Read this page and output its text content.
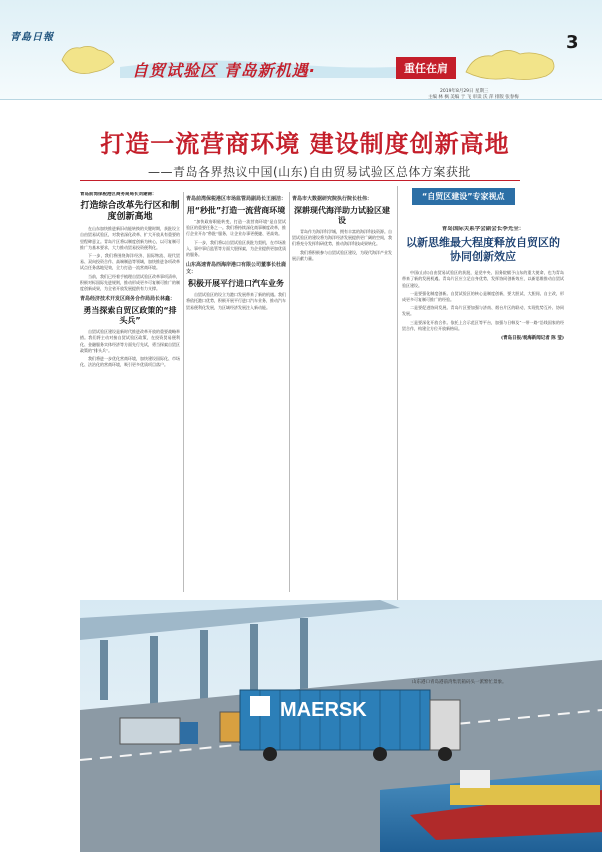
青島日報
自贸试验区 青岛新机遇·	重任在肩
3
2019年8月29日 星期三
主编 林 枫 美编 于 飞 审读 沃 萍 排版 张春梅
打造一流营商环境 建设制度创新高地
——青岛各界热议中国(山东)自由贸易试验区总体方案获批
青岛前湾保税港区商务局局长刘建锦：
打造综合改革先行区和制度创新高地

在山东加快推进新旧动能转换的关键时期，获批设立自由贸易试验区，对我省深化改革、扩大开放具有重要的里程碑意义。青岛片区将以制度创新为核心，以可复制可推广为基本要求，大力推动贸易投资便利化。

下一步，我们将围绕海洋经济、国际物流、现代贸易、双向投资合作、高端制造等领域，加快推进各项改革试点任务落地见效，全力打造一流营商环境。

当前，我们已经着手梳理自贸试验区改革事项清单，积极对标国际先进规则，推动形成更多可复制可推广的制度创新成果，为全省开放发展提供有力支撑。

青岛经济技术开发区商务合作局局长林鑫：
勇当探索自贸区政策的“排头兵”

自贸试验区建设是新时代推进改革开放的重要战略举措。我们将主动对接自贸试验区政策，在投资贸易便利化、金融服务实体经济等方面先行先试，勇当探索自贸区政策的“排头兵”。

我们将进一步优化营商环境，加快建设国际化、市场化、法治化的营商环境，吸引更多优质项目落户。

青岛前湾保税港区市场监管局副局长王丽洁：
用“秒批”打造一流营商环境

“加快政府职能转变，打造一流营商环境”是自贸试验区的重要任务之一。我们将持续深化商事制度改革，推行企业开办“秒批”服务，让企业办事更便捷、更高效。

下一步，我们将以自贸试验区获批为契机，在市场准入、事中事后监管等方面大胆探索，为企业提供更加优质的服务。

山东高速青岛西海岸港口有限公司董事长杜鹿文：
积极开展平行进口汽车业务

自贸试验区的设立为港口发展带来了新的机遇。我们将依托港口优势，积极开展平行进口汽车业务，推动汽车贸易便利化发展，为区域经济发展注入新动能。

青岛市大数据研究院执行院长杜伟：
深耕现代海洋助力试验区建设

青岛作为海洋科学城，拥有丰富的海洋科技资源。自贸试验区的建设将为海洋经济发展提供更广阔的空间，我们将充分发挥科研优势，推动海洋科技成果转化。

我们将积极参与自贸试验区建设，为现代海洋产业发展贡献力量。

“自贸区建设”专家视点
青岛国际关系学会副会长李光全：
以新思维最大程度释放自贸区的协同创新效应

中国(山东)自由贸易试验区的获批，是党中央、国务院赋予山东的重大使命，也为青岛带来了新的发展机遇。青岛片区应立足自身优势，发挥协同创新效应，以新思维推动自贸试验区建设。

一是要强化制度创新。自贸试验区的核心是制度创新，要大胆试、大胆闯、自主改，形成更多可复制可推广的经验。

二是要促进协同发展。青岛片区要加强与济南、烟台片区的联动，实现优势互补、协同发展。

三是要深化开放合作。依托上合示范区等平台，加强与日韩及“一带一路”沿线国家的经贸合作，构建全方位开放新格局。

(青岛日报/观海新闻记者 陈 莹)
MAERSK
山东港口青岛港前湾集装箱码头一派繁忙景象。
